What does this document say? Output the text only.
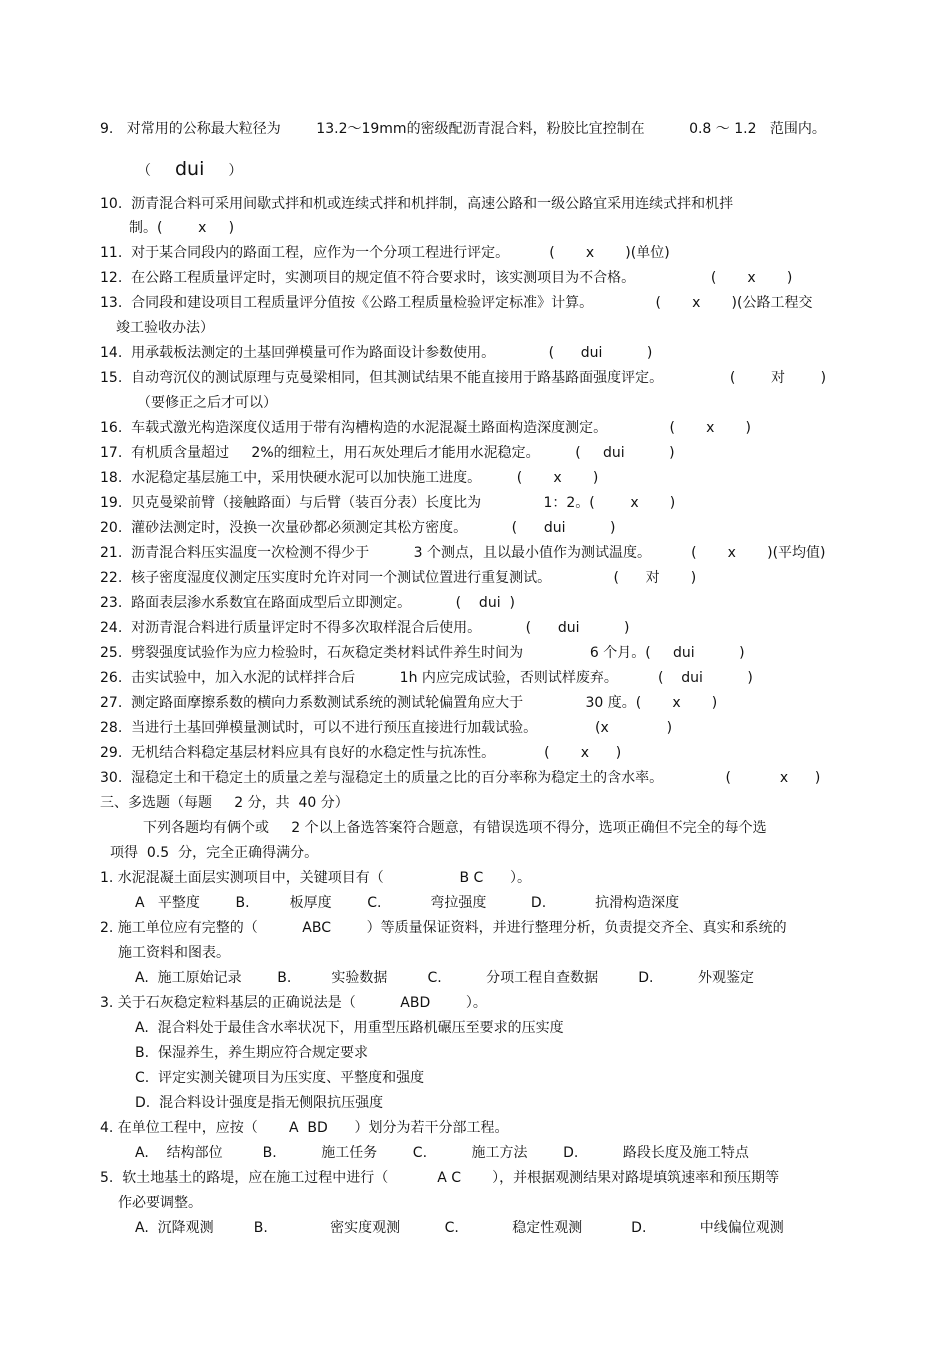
9.   对常用的公称最大粒径为        13.2～19mm的密级配沥青混合料，粉胶比宜控制在          0.8 ～ 1.2   范围内。
（ dui ）
10.  沥青混合料可采用间歇式拌和机或连续式拌和机拌制，高速公路和一级公路宜采用连续式拌和机拌
制。(        x     )
11.  对于某合同段内的路面工程，应作为一个分项工程进行评定。         (       x       )(单位)
12.  在公路工程质量评定时，实测项目的规定值不符合要求时，该实测项目为不合格。                 (       x       )
13.  合同段和建设项目工程质量评分值按《公路工程质量检验评定标准》计算。              (       x       )(公路工程交
竣工验收办法）
14.  用承载板法测定的土基回弹模量可作为路面设计参数使用。            (      dui          )
15.  自动弯沉仪的测试原理与克曼梁相同，但其测试结果不能直接用于路基路面强度评定。               (        对        )
（要修正之后才可以）
16.  车载式激光构造深度仪适用于带有沟槽构造的水泥混凝土路面构造深度测定。              (       x       )
17.  有机质含量超过     2%的细粒土，用石灰处理后才能用水泥稳定。        (     dui          )
18.  水泥稳定基层施工中，采用快硬水泥可以加快施工进度。        (       x       )
19.  贝克曼梁前臂（接触路面）与后臂（装百分表）长度比为              1：2。(        x       )
20.  灌砂法测定时，没换一次量砂都必须测定其松方密度。          (      dui          )
21.  沥青混合料压实温度一次检测不得少于          3 个测点，且以最小值作为测试温度。         (       x       )(平均值)
22.  核子密度湿度仪测定压实度时允许对同一个测试位置进行重复测试。              (      对       )
23.  路面表层渗水系数宜在路面成型后立即测定。          (    dui  )
24.  对沥青混合料进行质量评定时不得多次取样混合后使用。          (      dui          )
25.  劈裂强度试验作为应力检验时，石灰稳定类材料试件养生时间为               6 个月。(     dui          )
26.  击实试验中，加入水泥的试样拌合后          1h 内应完成试验，否则试样废弃。         (    dui          )
27.  测定路面摩擦系数的横向力系数测试系统的测试轮偏置角应大于              30 度。(       x       )
28.  当进行土基回弹模量测试时，可以不进行预压直接进行加载试验。             (x             )
29.  无机结合料稳定基层材料应具有良好的水稳定性与抗冻性。           (       x      )
30.  湿稳定土和干稳定土的质量之差与湿稳定土的质量之比的百分率称为稳定土的含水率。              (           x      )
三、多选题（每题     2 分，共  40 分）
下列各题均有俩个或     2 个以上备选答案符合题意，有错误选项不得分，选项正确但不完全的每个选
项得  0.5  分，完全正确得满分。
1. 水泥混凝土面层实测项目中，关键项目有（                 B C      ）。
A   平整度        B.         板厚度        C.           弯拉强度          D.           抗滑构造深度
2. 施工单位应有完整的（          ABC        ）等质量保证资料，并进行整理分析，负责提交齐全、真实和系统的
施工资料和图表。
A.  施工原始记录        B.         实验数据         C.          分项工程自查数据         D.          外观鉴定
3. 关于石灰稳定粒料基层的正确说法是（          ABD        ）。
A.  混合料处于最佳含水率状况下，用重型压路机碾压至要求的压实度
B.  保湿养生，养生期应符合规定要求
C.  评定实测关键项目为压实度、平整度和强度
D.  混合料设计强度是指无侧限抗压强度
4. 在单位工程中，应按（       A  BD      ）划分为若干分部工程。
A.    结构部位         B.          施工任务        C.          施工方法        D.          路段长度及施工特点
5.  软土地基土的路堤，应在施工过程中进行（           A C       ），并根据观测结果对路堤填筑速率和预压期等
作必要调整。
A.  沉降观测         B.              密实度观测          C.            稳定性观测           D.            中线偏位观测
